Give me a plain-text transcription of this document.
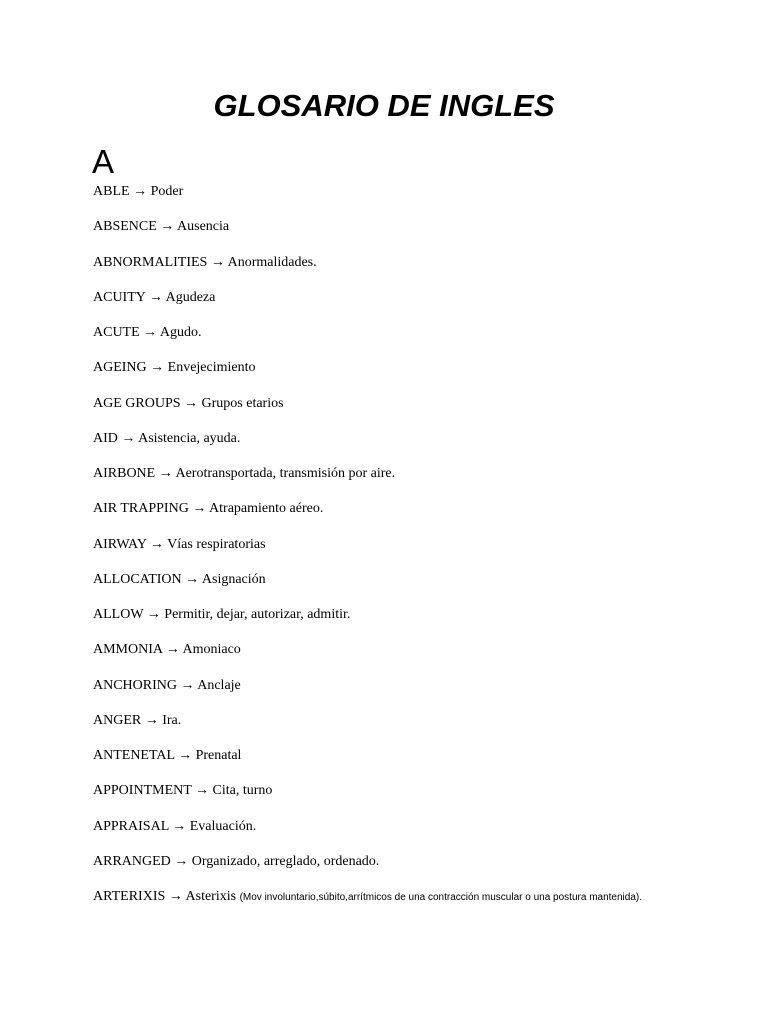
GLOSARIO DE INGLES
A
ABLE → Poder
ABSENCE → Ausencia
ABNORMALITIES → Anormalidades.
ACUITY → Agudeza
ACUTE → Agudo.
AGEING → Envejecimiento
AGE GROUPS → Grupos etarios
AID → Asistencia, ayuda.
AIRBONE → Aerotransportada, transmisión por aire.
AIR TRAPPING → Atrapamiento aéreo.
AIRWAY → Vías respiratorias
ALLOCATION → Asignación
ALLOW → Permitir, dejar, autorizar, admitir.
AMMONIA → Amoniaco
ANCHORING → Anclaje
ANGER → Ira.
ANTENETAL → Prenatal
APPOINTMENT → Cita, turno
APPRAISAL → Evaluación.
ARRANGED → Organizado, arreglado, ordenado.
ARTERIXIS → Asterixis (Mov involuntario,súbito,arrítmicos de una contracción muscular o una postura mantenida).
